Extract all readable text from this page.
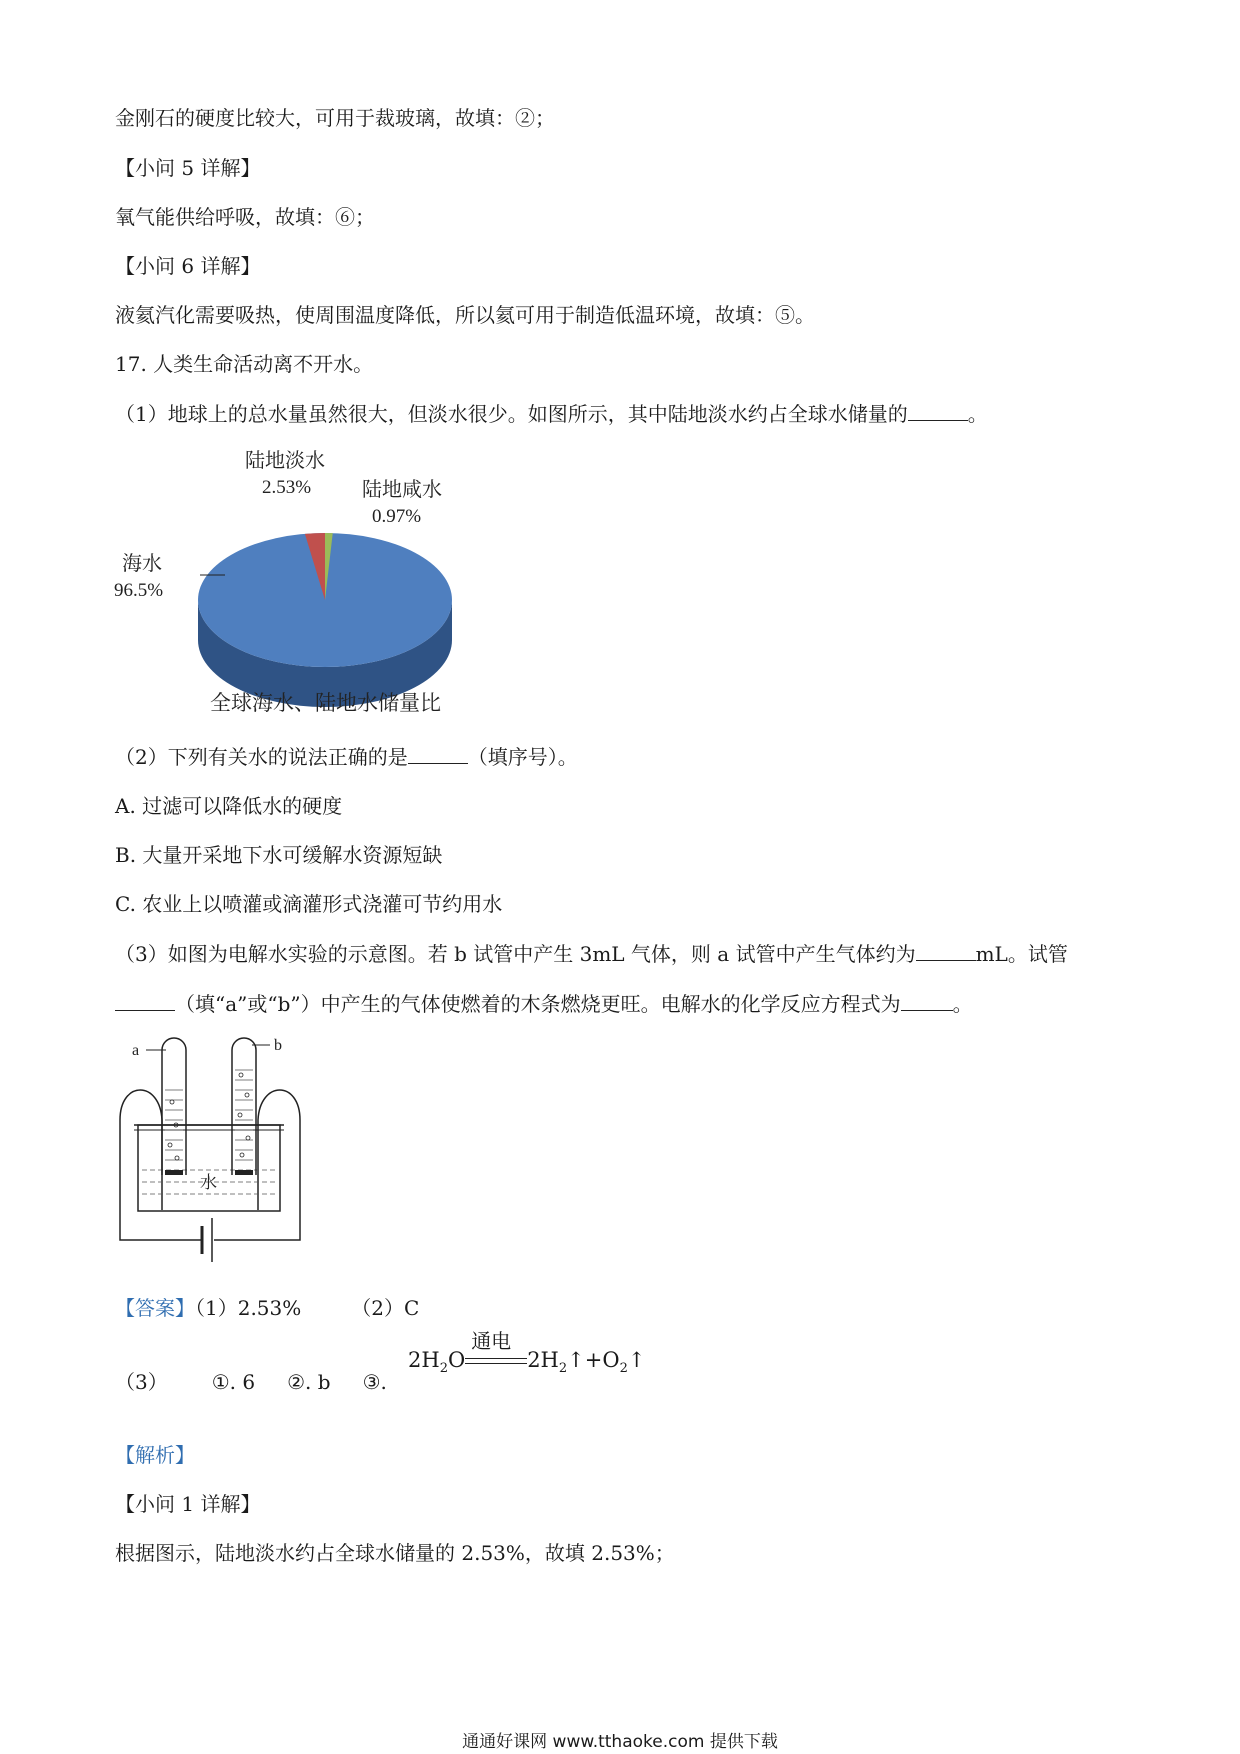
金刚石的硬度比较大，可用于裁玻璃，故填：②；
【小问 5 详解】
氧气能供给呼吸，故填：⑥；
【小问 6 详解】
液氦汽化需要吸热，使周围温度降低，所以氦可用于制造低温环境，故填：⑤。
17. 人类生命活动离不开水。
（1）地球上的总水量虽然很大，但淡水很少。如图所示，其中陆地淡水约占全球水储量的	。
海水
96.5%
陆地淡水
2.53%	陆地咸水
0.97%
全球海水、陆地水储量比
（2）下列有关水的说法正确的是	（填序号）。
A. 过滤可以降低水的硬度
B. 大量开采地下水可缓解水资源短缺
C. 农业上以喷灌或滴灌形式浇灌可节约用水
（3）如图为电解水实验的示意图。若 b 试管中产生 3mL 气体，则 a 试管中产生气体约为	mL。试管
（填“a”或“b”）中产生的气体使燃着的木条燃烧更旺。电解水的化学反应方程式为	。
a	b
水
【答案】（1）2.53%	（2）C
（3） ①. 6 ②. b ③.
$2H_2O$
通电
$2H_2↑+O_2↑$
【解析】
【小问 1 详解】
根据图示，陆地淡水约占全球水储量的 2.53%，故填 2.53%；
通通好课网 www.tthaoke.com 提供下载
